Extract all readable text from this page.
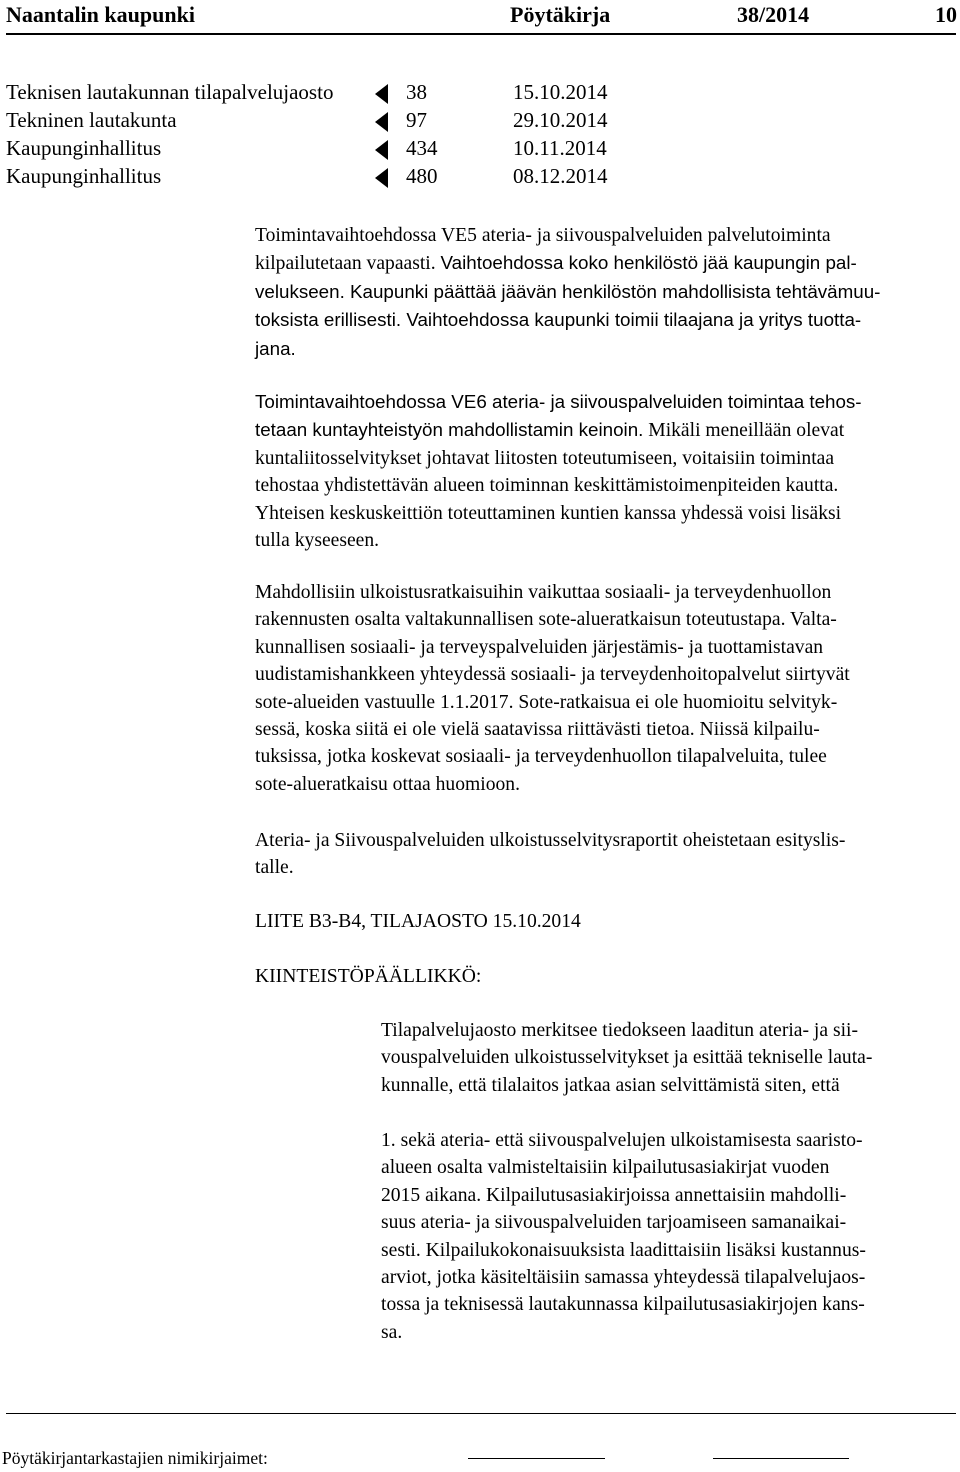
Naantalin kaupunki	Pöytäkirja	38/2014	10
Teknisen lautakunnan tilapalvelujaosto	38	15.10.2014
Tekninen lautakunta	97	29.10.2014
Kaupunginhallitus	434	10.11.2014
Kaupunginhallitus	480	08.12.2014

Toimintavaihtoehdossa VE5 ateria- ja siivouspalveluiden palvelutoiminta
kilpailutetaan vapaasti. Vaihtoehdossa koko henkilöstö jää kaupungin pal-
velukseen. Kaupunki päättää jäävän henkilöstön mahdollisista tehtävämuu-
toksista erillisesti. Vaihtoehdossa kaupunki toimii tilaajana ja yritys tuotta-
jana.

Toimintavaihtoehdossa VE6 ateria- ja siivouspalveluiden toimintaa tehos-
tetaan kuntayhteistyön mahdollistamin keinoin. Mikäli meneillään olevat
kuntaliitosselvitykset johtavat liitosten toteutumiseen, voitaisiin toimintaa
tehostaa yhdistettävän alueen toiminnan keskittämistoimenpiteiden kautta.
Yhteisen keskuskeittiön toteuttaminen kuntien kanssa yhdessä voisi lisäksi
tulla kyseeseen.

Mahdollisiin ulkoistusratkaisuihin vaikuttaa sosiaali- ja terveydenhuollon
rakennusten osalta valtakunnallisen sote-alueratkaisun toteutustapa. Valta-
kunnallisen sosiaali- ja terveyspalveluiden järjestämis- ja tuottamistavan
uudistamishankkeen yhteydessä sosiaali- ja terveydenhoitopalvelut siirtyvät
sote-alueiden vastuulle 1.1.2017. Sote-ratkaisua ei ole huomioitu selvityk-
sessä, koska siitä ei ole vielä saatavissa riittävästi tietoa. Niissä kilpailu-
tuksissa, jotka koskevat sosiaali- ja terveydenhuollon tilapalveluita, tulee
sote-alueratkaisu ottaa huomioon.

Ateria- ja Siivouspalveluiden ulkoistusselvitysraportit oheistetaan esityslis-
talle.

LIITE B3-B4, TILAJAOSTO 15.10.2014

KIINTEISTÖPÄÄLLIKKÖ:

Tilapalvelujaosto merkitsee tiedokseen laaditun ateria- ja sii-
vouspalveluiden ulkoistusselvitykset ja esittää tekniselle lauta-
kunnalle, että tilalaitos jatkaa asian selvittämistä siten, että

1. sekä ateria- että siivouspalvelujen ulkoistamisesta saaristo-
alueen osalta valmisteltaisiin kilpailutusasiakirjat vuoden
2015 aikana. Kilpailutusasiakirjoissa annettaisiin mahdolli-
suus ateria- ja siivouspalveluiden tarjoamiseen samanaikai-
sesti. Kilpailukokonaisuuksista laadittaisiin lisäksi kustannus-
arviot, jotka käsiteltäisiin samassa yhteydessä tilapalvelujaos-
tossa ja teknisessä lautakunnassa kilpailutusasiakirjojen kans-
sa.

Pöytäkirjantarkastajien nimikirjaimet:
